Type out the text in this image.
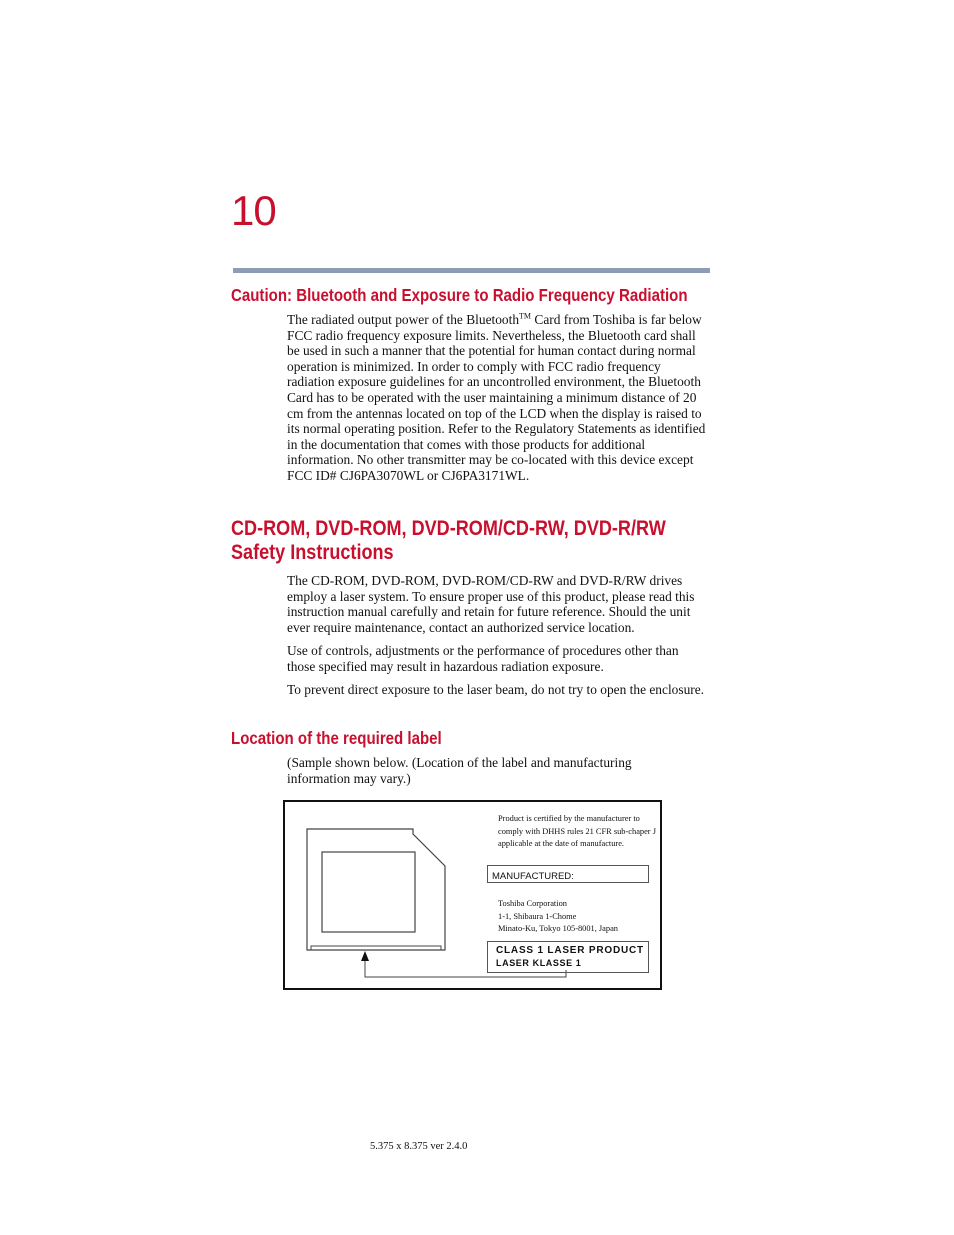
10
Caution: Bluetooth and Exposure to Radio Frequency Radiation

The radiated output power of the Bluetooth™ Card from Toshiba is far below FCC radio frequency exposure limits. Nevertheless, the Bluetooth card shall be used in such a manner that the potential for human contact during normal operation is minimized. In order to comply with FCC radio frequency radiation exposure guidelines for an uncontrolled environment, the Bluetooth Card has to be operated with the user maintaining a minimum distance of 20 cm from the antennas located on top of the LCD when the display is raised to its normal operating position. Refer to the Regulatory Statements as identified in the documentation that comes with those products for additional information. No other transmitter may be co-located with this device except FCC ID# CJ6PA3070WL or CJ6PA3171WL.

CD-ROM, DVD-ROM, DVD-ROM/CD-RW, DVD-R/RW
Safety Instructions

The CD-ROM, DVD-ROM, DVD-ROM/CD-RW and DVD-R/RW drives employ a laser system. To ensure proper use of this product, please read this instruction manual carefully and retain for future reference. Should the unit ever require maintenance, contact an authorized service location.

Use of controls, adjustments or the performance of procedures other than those specified may result in hazardous radiation exposure.

To prevent direct exposure to the laser beam, do not try to open the enclosure.

Location of the required label

(Sample shown below. (Location of the label and manufacturing information may vary.)

Product is certified by the manufacturer to comply with DHHS rules 21 CFR sub-chaper J applicable at the date of manufacture.

MANUFACTURED:
Toshiba Corporation
1-1, Shibaura 1-Chome
Minato-Ku, Tokyo 105-8001, Japan
CLASS 1 LASER PRODUCT
LASER KLASSE 1
5.375 x 8.375 ver 2.4.0
